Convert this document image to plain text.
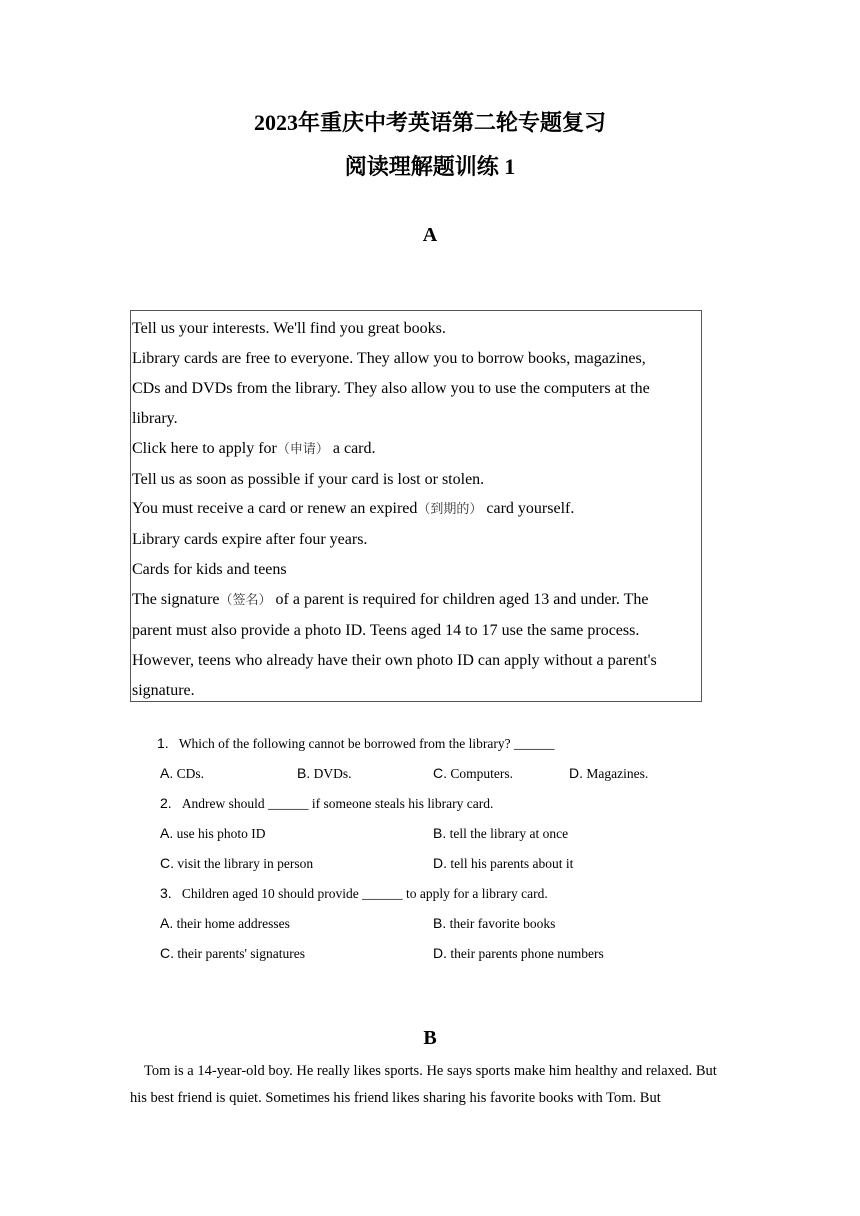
2023年重庆中考英语第二轮专题复习
阅读理解题训练 1
A
Tell us your interests. We'll find you great books.
Library cards are free to everyone. They allow you to borrow books, magazines,
CDs and DVDs from the library. They also allow you to use the computers at the
library.
Click here to apply for（申请） a card.
Tell us as soon as possible if your card is lost or stolen.
You must receive a card or renew an expired（到期的） card yourself.
Library cards expire after four years.
Cards for kids and teens
The signature（签名） of a parent is required for children aged 13 and under. The
parent must also provide a photo ID. Teens aged 14 to 17 use the same process.
However, teens who already have their own photo ID can apply without a parent's
signature.
1. Which of the following cannot be borrowed from the library? ______
A. CDs.	B. DVDs.	C. Computers.	D. Magazines.
2. Andrew should ______ if someone steals his library card.
A. use his photo ID	B. tell the library at once
C. visit the library in person	D. tell his parents about it
3. Children aged 10 should provide ______ to apply for a library card.
A. their home addresses	B. their favorite books
C. their parents' signatures	D. their parents phone numbers
B
Tom is a 14-year-old boy. He really likes sports. He says sports make him healthy and relaxed. But his best friend is quiet. Sometimes his friend likes sharing his favorite books with Tom. But
